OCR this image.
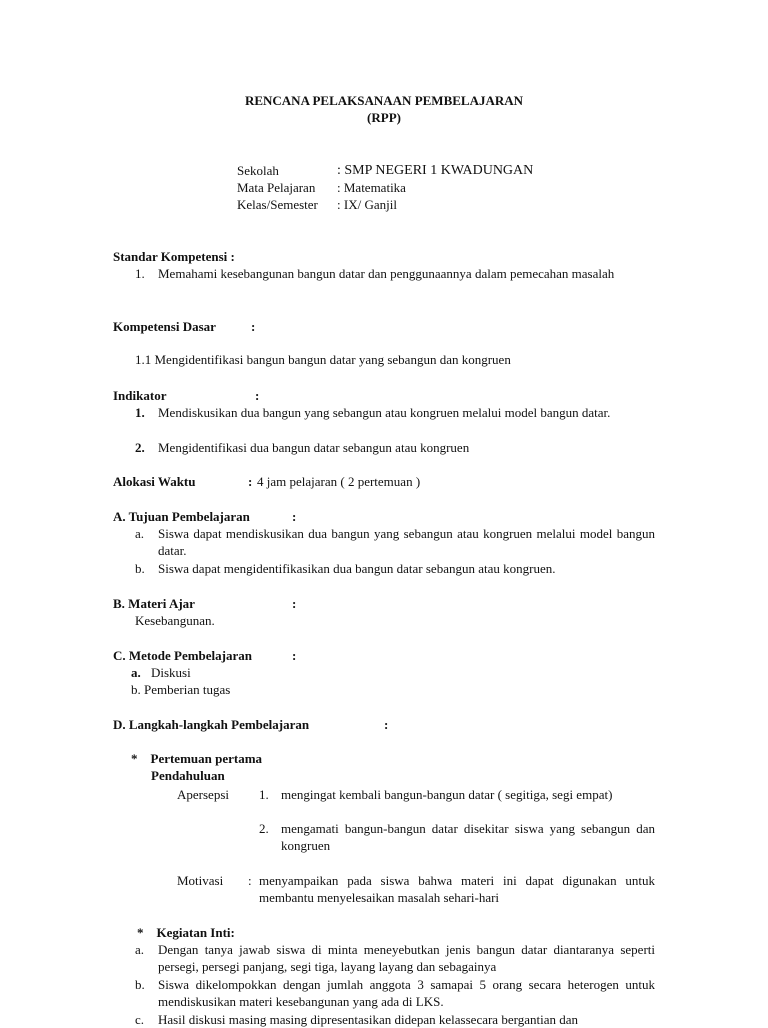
RENCANA PELAKSANAAN PEMBELAJARAN
(RPP)
Sekolah	: SMP NEGERI 1 KWADUNGAN
Mata Pelajaran : Matematika
Kelas/Semester : IX/ Ganjil
Standar Kompetensi :
1. Memahami kesebangunan bangun datar dan penggunaannya dalam pemecahan masalah
Kompetensi Dasar	:
1.1 Mengidentifikasi bangun bangun datar yang sebangun dan kongruen
Indikator	:
1. Mendiskusikan dua bangun yang sebangun atau kongruen melalui model bangun datar.
2. Mengidentifikasi dua bangun datar sebangun atau kongruen
Alokasi Waktu	: 4 jam pelajaran ( 2 pertemuan )
A. Tujuan Pembelajaran	:
a. Siswa dapat mendiskusikan dua bangun yang sebangun atau kongruen melalui model bangun datar.
b. Siswa dapat mengidentifikasikan dua bangun datar sebangun atau kongruen.
B. Materi Ajar	:
Kesebangunan.
C. Metode Pembelajaran	:
a. Diskusi
b. Pemberian tugas
D. Langkah-langkah Pembelajaran	:
*    Pertemuan pertama
Pendahuluan
Apersepsi 1. mengingat kembali bangun-bangun datar ( segitiga, segi empat)
2. mengamati bangun-bangun datar disekitar siswa yang sebangun dan kongruen
Motivasi : menyampaikan pada siswa bahwa materi ini dapat digunakan untuk membantu menyelesaikan masalah sehari-hari
*    Kegiatan Inti:
a. Dengan tanya jawab siswa di minta meneyebutkan jenis bangun datar diantaranya seperti persegi, persegi panjang, segi tiga, layang layang dan sebagainya
b. Siswa dikelompokkan dengan jumlah anggota 3 samapai 5 orang secara heterogen untuk mendiskusikan materi kesebangunan yang ada di LKS.
c. Hasil diskusi masing masing dipresentasikan didepan kelassecara bergantian dan
